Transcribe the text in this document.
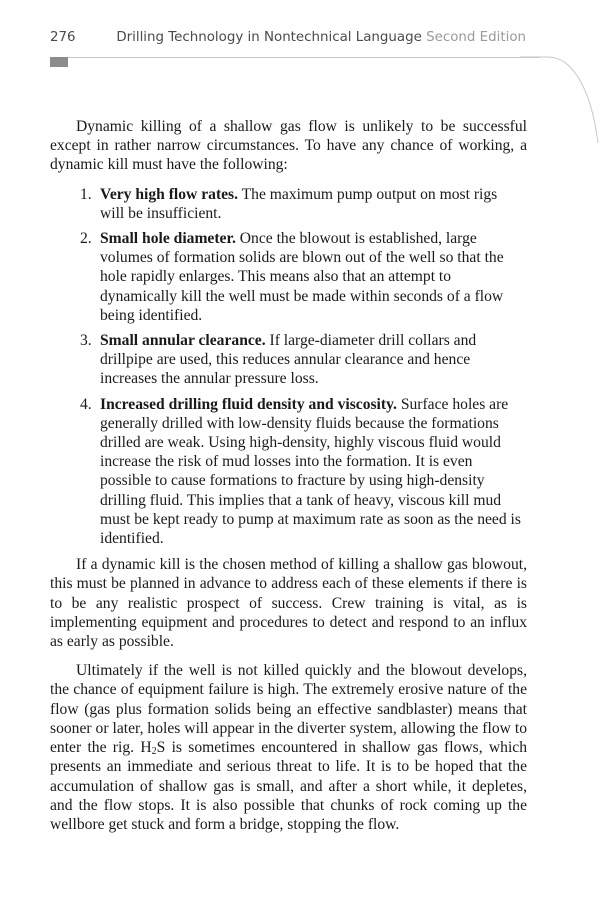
276	Drilling Technology in Nontechnical Language Second Edition

Dynamic killing of a shallow gas flow is unlikely to be successful except in rather narrow circumstances. To have any chance of working, a dynamic kill must have the following:

1. Very high flow rates. The maximum pump output on most rigs will be insufficient.
2. Small hole diameter. Once the blowout is established, large volumes of formation solids are blown out of the well so that the hole rapidly enlarges. This means also that an attempt to dynamically kill the well must be made within seconds of a flow being identified.
3. Small annular clearance. If large-diameter drill collars and drillpipe are used, this reduces annular clearance and hence increases the annular pressure loss.
4. Increased drilling fluid density and viscosity. Surface holes are generally drilled with low-density fluids because the formations drilled are weak. Using high-density, highly viscous fluid would increase the risk of mud losses into the formation. It is even possible to cause formations to fracture by using high-density drilling fluid. This implies that a tank of heavy, viscous kill mud must be kept ready to pump at maximum rate as soon as the need is identified.

If a dynamic kill is the chosen method of killing a shallow gas blowout, this must be planned in advance to address each of these elements if there is to be any realistic prospect of success. Crew training is vital, as is implementing equipment and procedures to detect and respond to an influx as early as possible.

Ultimately if the well is not killed quickly and the blowout develops, the chance of equipment failure is high. The extremely erosive nature of the flow (gas plus formation solids being an effective sandblaster) means that sooner or later, holes will appear in the diverter system, allowing the flow to enter the rig. $H_2S$ is sometimes encountered in shallow gas flows, which presents an immediate and serious threat to life. It is to be hoped that the accumulation of shallow gas is small, and after a short while, it depletes, and the flow stops. It is also possible that chunks of rock coming up the wellbore get stuck and form a bridge, stopping the flow.
